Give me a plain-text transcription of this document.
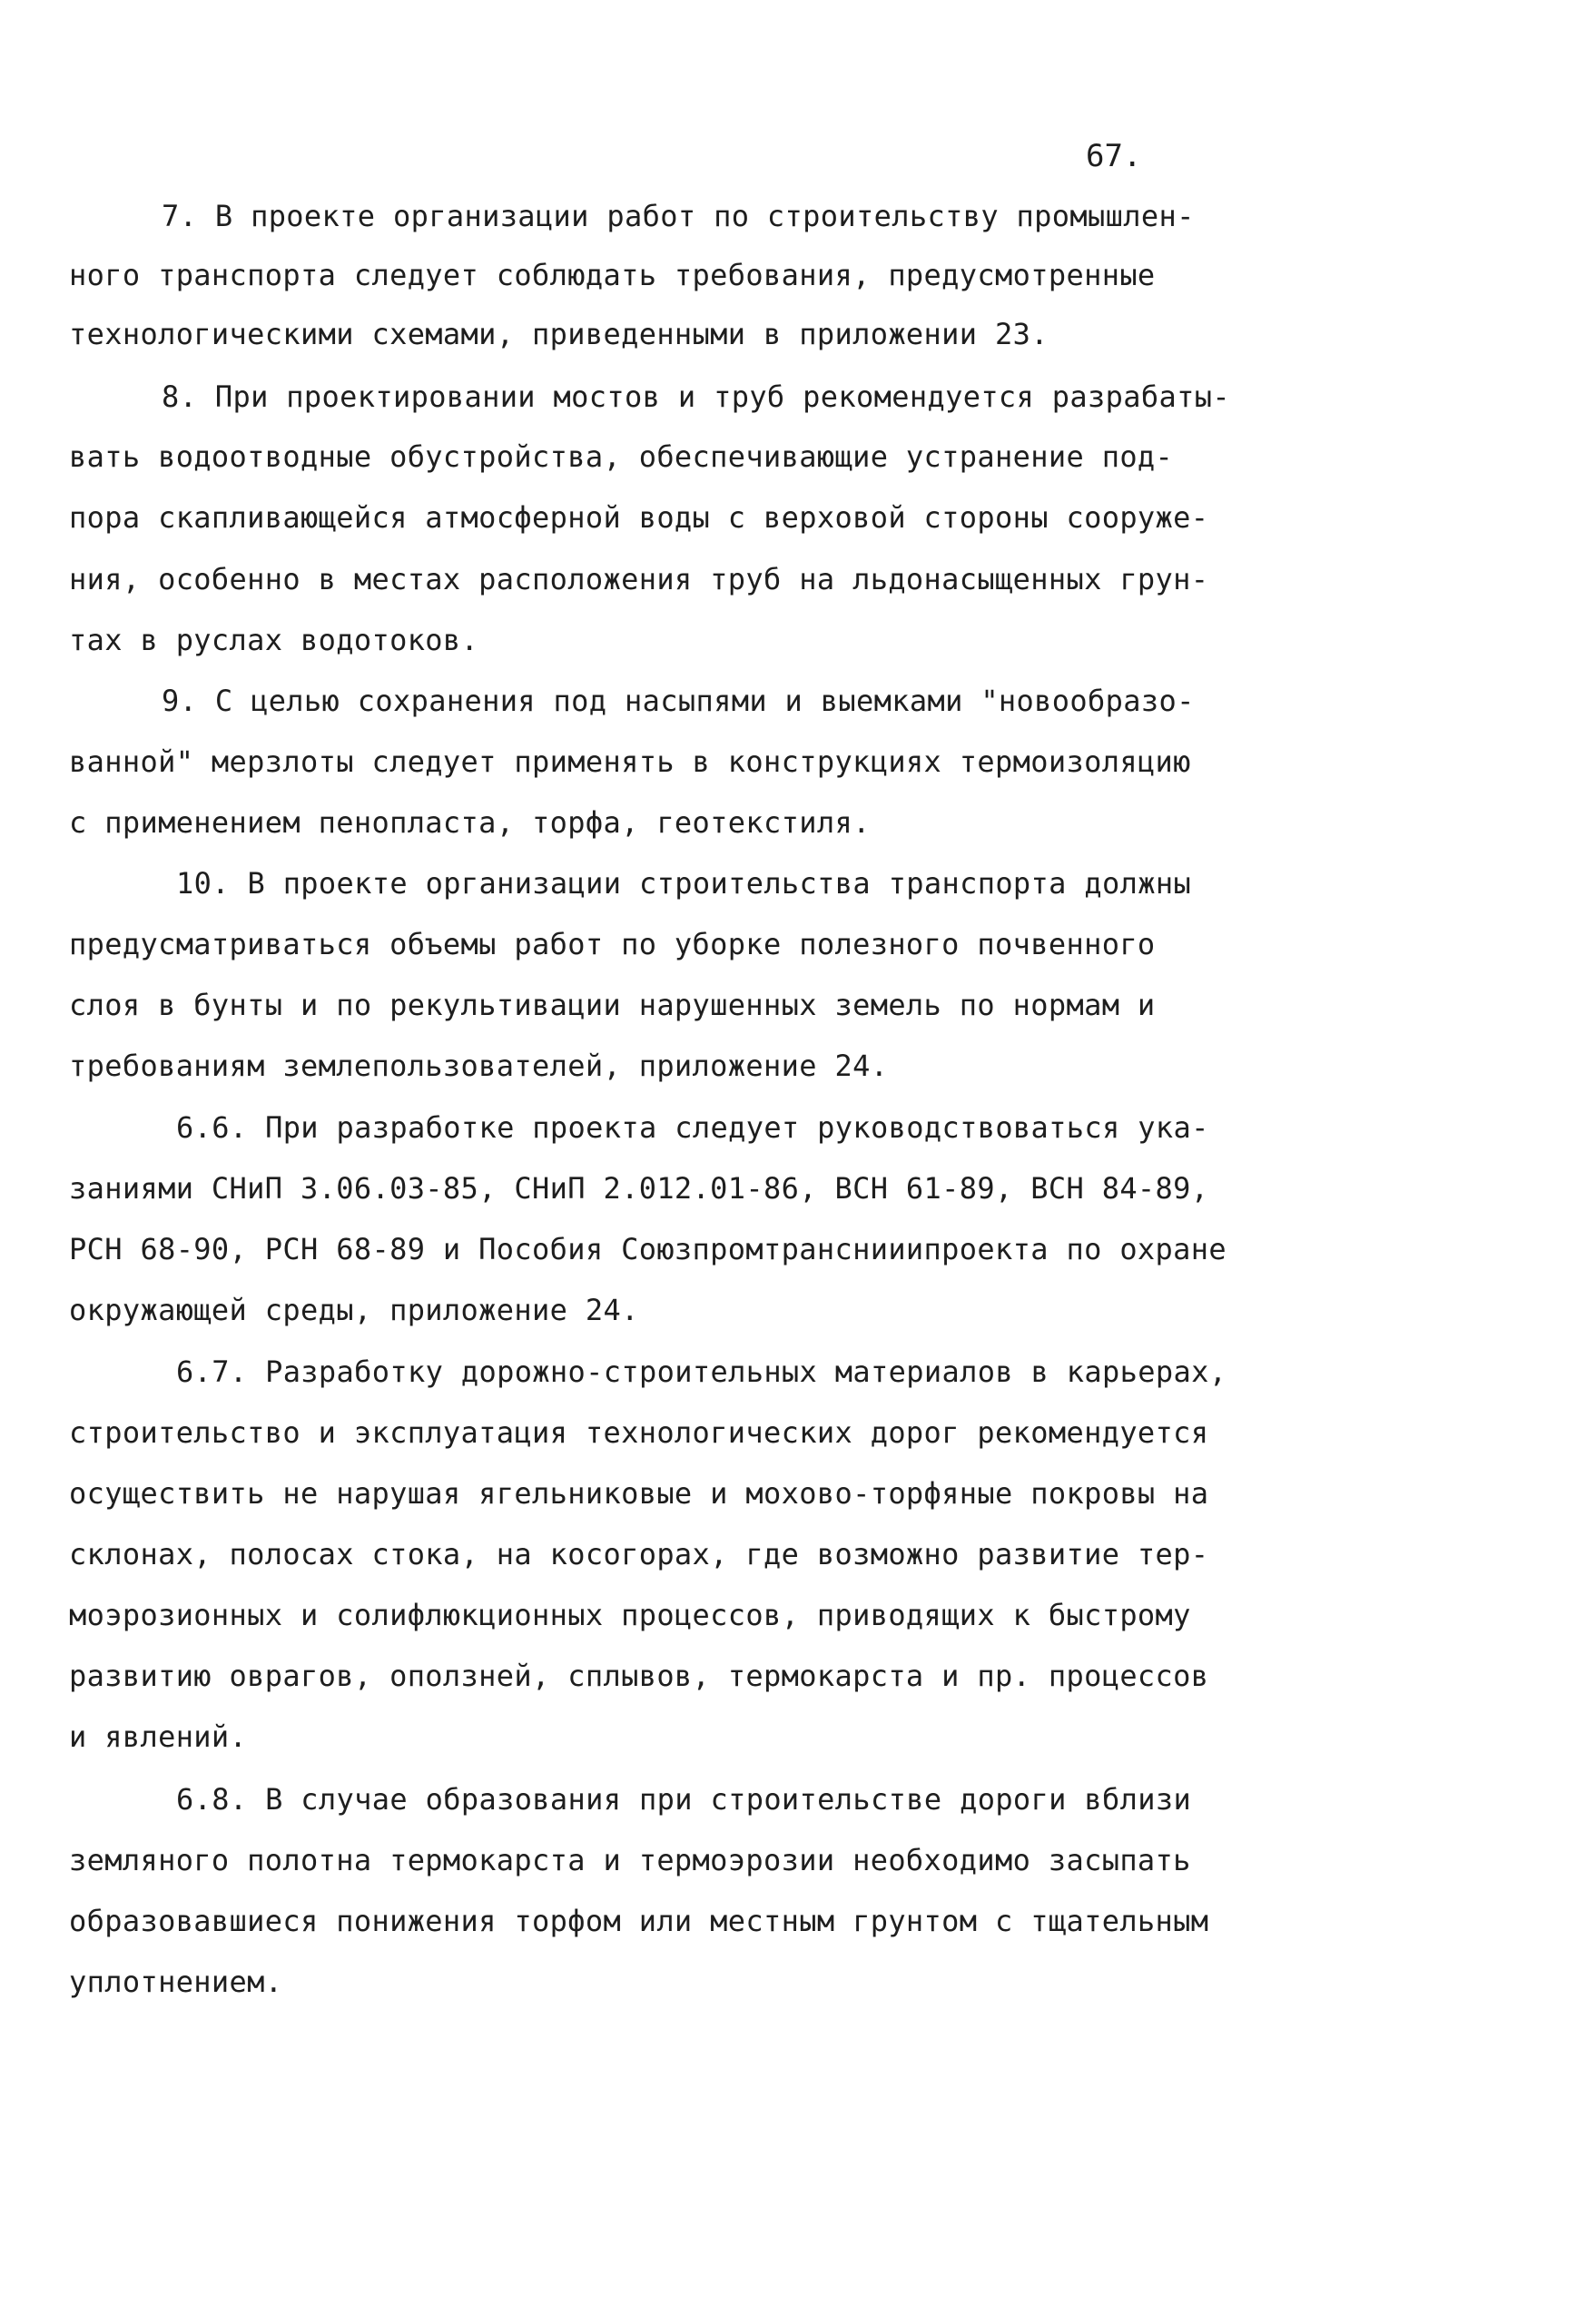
67.
7. В проекте организации работ по строительству промышлен-
ного транспорта следует соблюдать требования, предусмотренные
технологическими схемами, приведенными в приложении 23.
8. При проектировании мостов и труб рекомендуется разрабаты-
вать водоотводные обустройства, обеспечивающие устранение под-
пора скапливающейся атмосферной воды с верховой стороны сооруже-
ния, особенно в местах расположения труб на льдонасыщенных грун-
тах в руслах водотоков.
9. С целью сохранения под насыпями и выемками "новообразо-
ванной" мерзлоты следует применять в конструкциях термоизоляцию
с применением пенопласта, торфа, геотекстиля.
10. В проекте организации строительства транспорта должны
предусматриваться объемы работ по уборке полезного почвенного
слоя в бунты и по рекультивации нарушенных земель по нормам и
требованиям землепользователей, приложение 24.
6.6. При разработке проекта следует руководствоваться ука-
заниями СНиП 3.06.03-85, СНиП 2.012.01-86, ВСН 61-89, ВСН 84-89,
РСН 68-90, РСН 68-89 и Пособия Союзпромтранснииипроекта по охране
окружающей среды, приложение 24.
6.7. Разработку дорожно-строительных материалов в карьерах,
строительство и эксплуатация технологических дорог рекомендуется
осуществить не нарушая ягельниковые и мохово-торфяные покровы на
склонах, полосах стока, на косогорах, где возможно развитие тер-
моэрозионных и солифлюкционных процессов, приводящих к быстрому
развитию оврагов, оползней, сплывов, термокарста и пр. процессов
и явлений.
6.8. В случае образования при строительстве дороги вблизи
земляного полотна термокарста и термоэрозии необходимо засыпать
образовавшиеся понижения торфом или местным грунтом с тщательным
уплотнением.
